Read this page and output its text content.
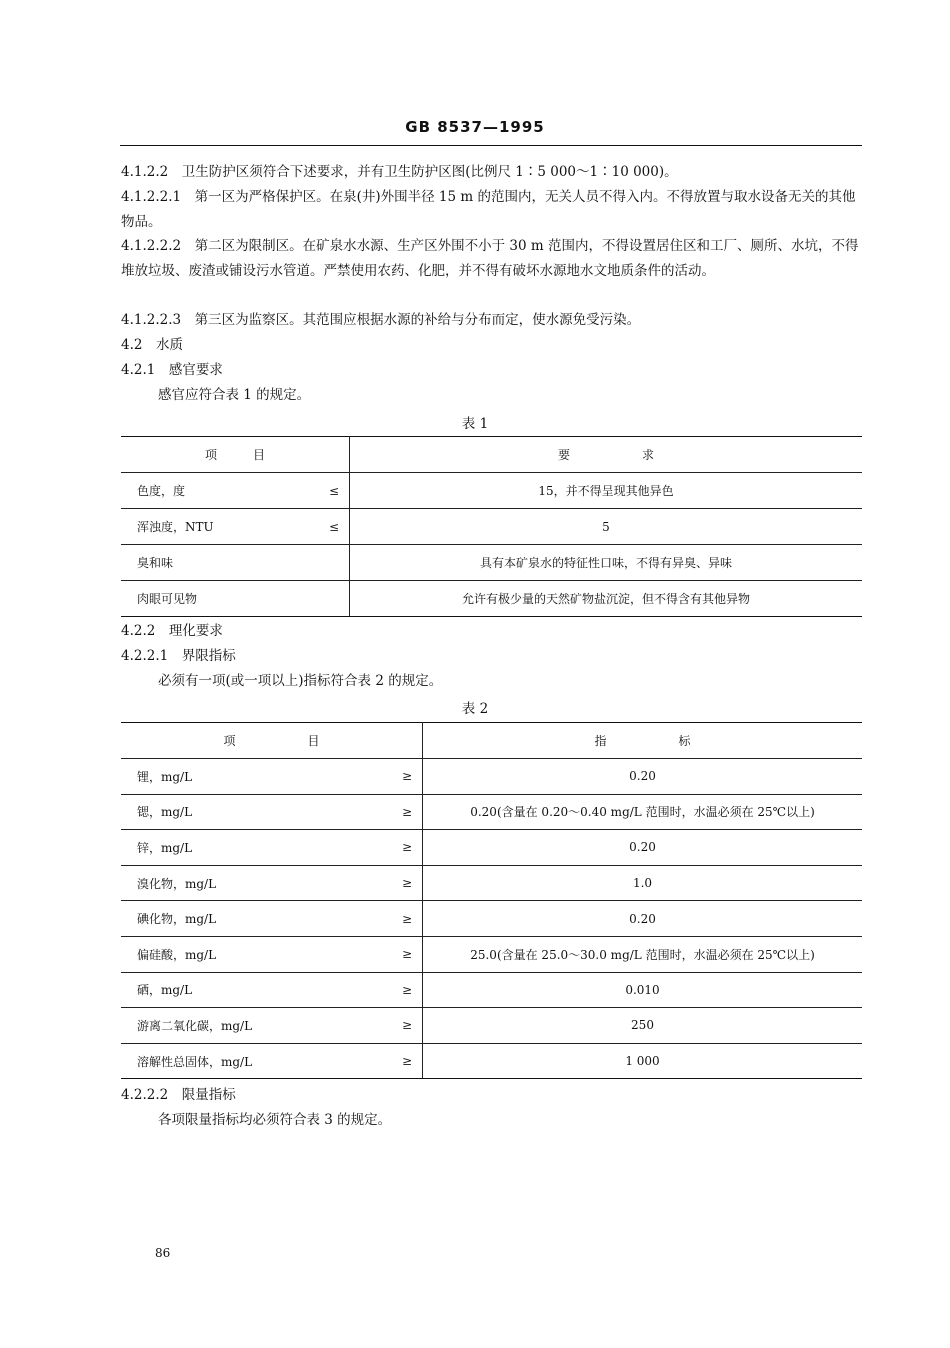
GB 8537—1995
4.1.2.2　卫生防护区须符合下述要求，并有卫生防护区图(比例尺 1∶5 000～1∶10 000)。
4.1.2.2.1　第一区为严格保护区。在泉(井)外围半径 15 m 的范围内，无关人员不得入内。不得放置与取水设备无关的其他物品。
4.1.2.2.2　第二区为限制区。在矿泉水水源、生产区外围不小于 30 m 范围内，不得设置居住区和工厂、厕所、水坑，不得堆放垃圾、废渣或铺设污水管道。严禁使用农药、化肥，并不得有破坏水源地水文地质条件的活动。
4.1.2.2.3　第三区为监察区。其范围应根据水源的补给与分布而定，使水源免受污染。
4.2　水质
4.2.1　感官要求
感官应符合表 1 的规定。
表 1
项　　　目		要　　　　　　求
色度，度	≤	15，并不得呈现其他异色
浑浊度，NTU	≤	5
臭和味		具有本矿泉水的特征性口味，不得有异臭、异味
肉眼可见物		允许有极少量的天然矿物盐沉淀，但不得含有其他异物
4.2.2　理化要求
4.2.2.1　界限指标
必须有一项(或一项以上)指标符合表 2 的规定。
表 2
项　　　　　　目		指　　　　　　标
锂，mg/L	≥	0.20
锶，mg/L	≥	0.20(含量在 0.20～0.40 mg/L 范围时，水温必须在 25℃以上)
锌，mg/L	≥	0.20
溴化物，mg/L	≥	1.0
碘化物，mg/L	≥	0.20
偏硅酸，mg/L	≥	25.0(含量在 25.0～30.0 mg/L 范围时，水温必须在 25℃以上)
硒，mg/L	≥	0.010
游离二氧化碳，mg/L	≥	250
溶解性总固体，mg/L	≥	1 000
4.2.2.2　限量指标
各项限量指标均必须符合表 3 的规定。
86
